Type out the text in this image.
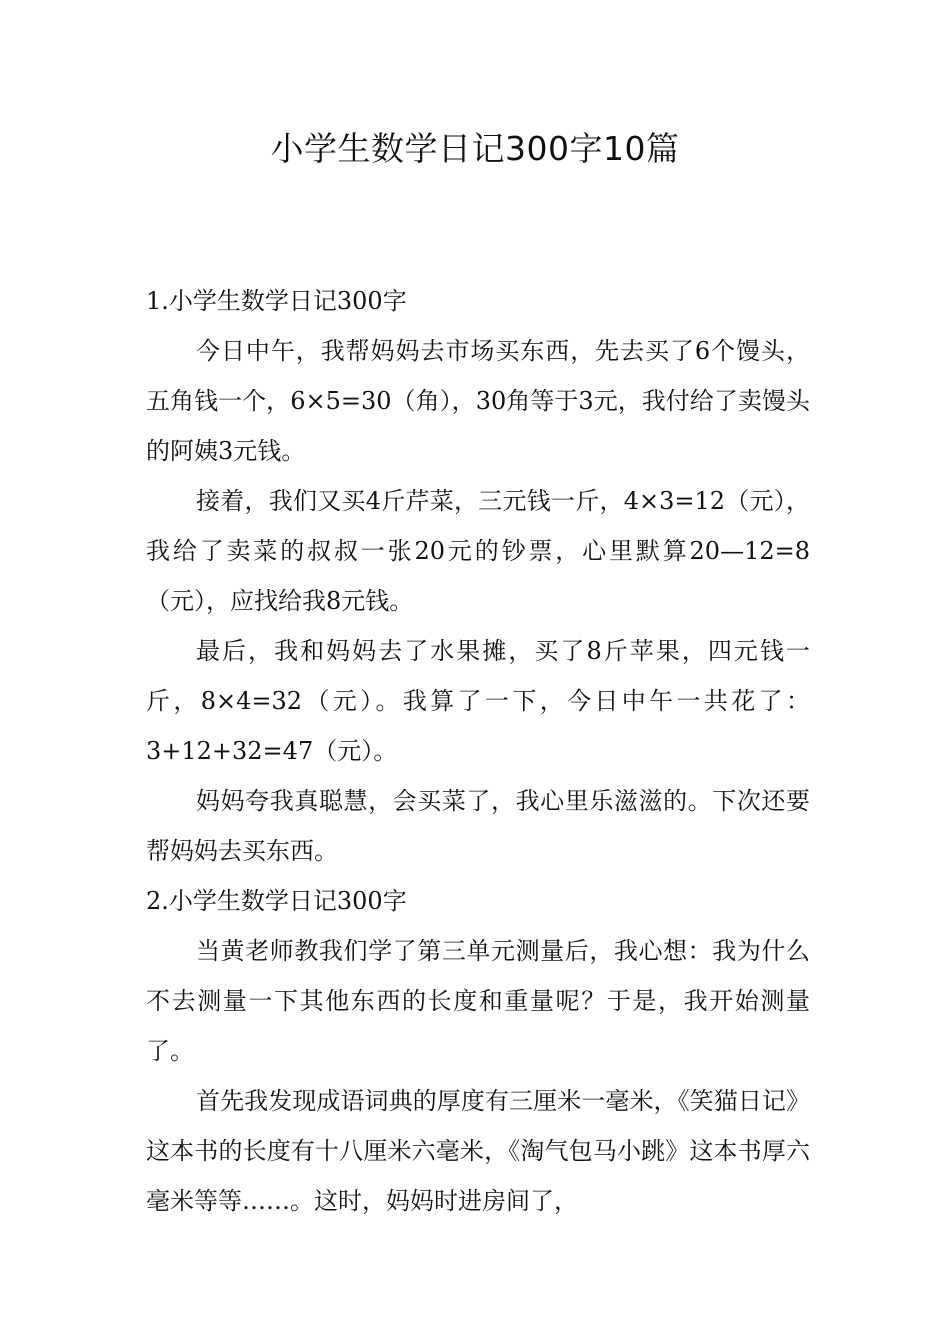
小学生数学日记300字10篇

1.小学生数学日记300字

今日中午，我帮妈妈去市场买东西，先去买了6个馒头，五角钱一个，6×5=30（角），30角等于3元，我付给了卖馒头的阿姨3元钱。

接着，我们又买4斤芹菜，三元钱一斤，4×3=12（元），我给了卖菜的叔叔一张20元的钞票，心里默算20—12=8（元），应找给我8元钱。

最后，我和妈妈去了水果摊，买了8斤苹果，四元钱一斤，8×4=32（元）。我算了一下，今日中午一共花了：3+12+32=47（元）。

妈妈夸我真聪慧，会买菜了，我心里乐滋滋的。下次还要帮妈妈去买东西。

2.小学生数学日记300字

当黄老师教我们学了第三单元测量后，我心想：我为什么不去测量一下其他东西的长度和重量呢？于是，我开始测量了。

首先我发现成语词典的厚度有三厘米一毫米，《笑猫日记》这本书的长度有十八厘米六毫米，《淘气包马小跳》这本书厚六毫米等等……。这时，妈妈时进房间了，
